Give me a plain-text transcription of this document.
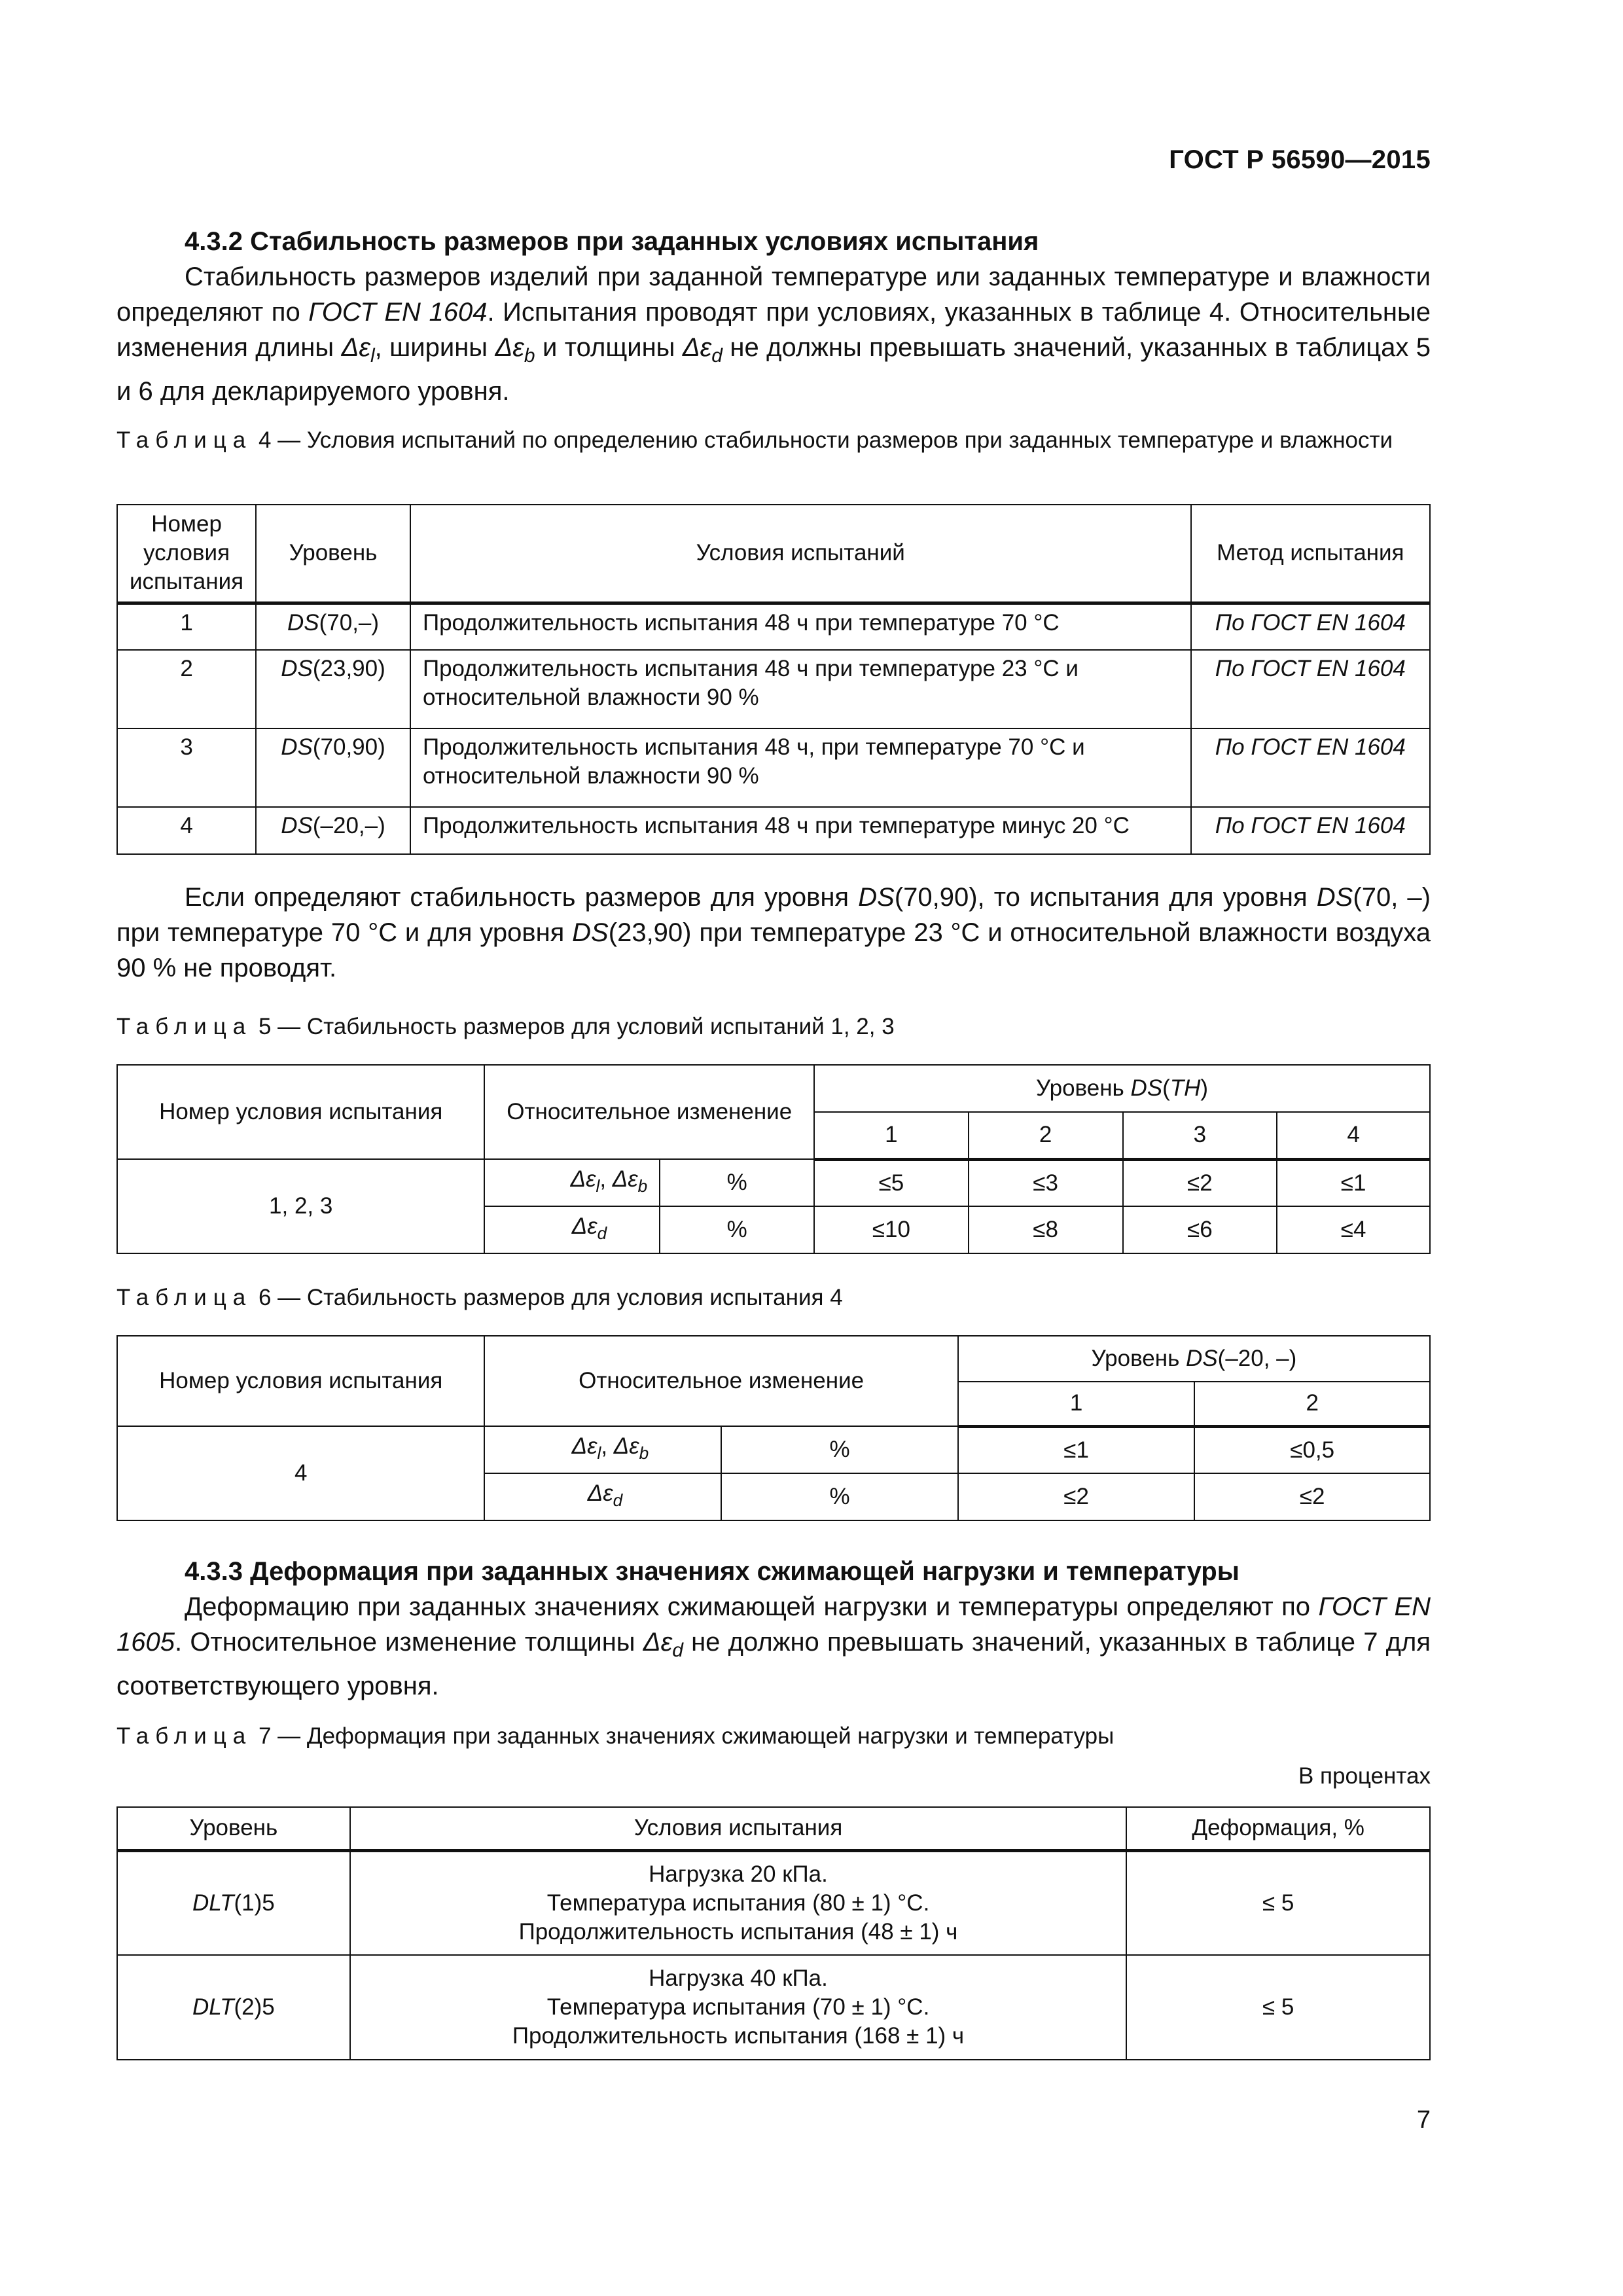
ГОСТ Р 56590—2015
4.3.2 Стабильность размеров при заданных условиях испытания

Стабильность размеров изделий при заданной температуре или заданных температуре и влажности определяют по ГОСТ EN 1604. Испытания проводят при условиях, указанных в таблице 4. Относительные изменения длины $\Delta\varepsilon_l$, ширины $\Delta\varepsilon_b$ и толщины $\Delta\varepsilon_d$ не должны превышать значений, указанных в таблицах 5 и 6 для декларируемого уровня.

Таблица 4 — Условия испытаний по определению стабильности размеров при заданных температуре и влажности
Номер условия испытания	Уровень	Условия испытаний	Метод испытания
1	DS(70,–)	Продолжительность испытания 48 ч при температуре 70 °С	По ГОСТ EN 1604
2	DS(23,90)	Продолжительность испытания 48 ч при температуре 23 °С и относительной влажности 90 %	По ГОСТ EN 1604
3	DS(70,90)	Продолжительность испытания 48 ч, при температуре 70 °С и относительной влажности 90 %	По ГОСТ EN 1604
4	DS(–20,–)	Продолжительность испытания 48 ч при температуре минус 20 °С	По ГОСТ EN 1604

Если определяют стабильность размеров для уровня DS(70,90), то испытания для уровня DS(70, –) при температуре 70 °С и для уровня DS(23,90) при температуре 23 °С и относительной влажности воздуха 90 % не проводят.

Таблица 5 — Стабильность размеров для условий испытаний 1, 2, 3
Номер условия испытания	Относительное изменение		Уровень DS(TH)			
			1	2	3	4
1, 2, 3	$\Delta\varepsilon_l$, $\Delta\varepsilon_b$	%	≤5	≤3	≤2	≤1
	$\Delta\varepsilon_d$	%	≤10	≤8	≤6	≤4
Таблица 6 — Стабильность размеров для условия испытания 4
Номер условия испытания	Относительное изменение		Уровень DS(–20, –)	
			1	2
4	$\Delta\varepsilon_l$, $\Delta\varepsilon_b$	%	≤1	≤0,5
	$\Delta\varepsilon_d$	%	≤2	≤2
4.3.3 Деформация при заданных значениях сжимающей нагрузки и температуры

Деформацию при заданных значениях сжимающей нагрузки и температуры определяют по ГОСТ EN 1605. Относительное изменение толщины $\Delta\varepsilon_d$ не должно превышать значений, указанных в таблице 7 для соответствующего уровня.

Таблица 7 — Деформация при заданных значениях сжимающей нагрузки и температуры
В процентах
Уровень	Условия испытания	Деформация, %
DLT(1)5	Нагрузка 20 кПа.
Температура испытания (80 ± 1) °С.
Продолжительность испытания (48 ± 1) ч	≤ 5
DLT(2)5	Нагрузка 40 кПа.
Температура испытания (70 ± 1) °С.
Продолжительность испытания (168 ± 1) ч	≤ 5
7
